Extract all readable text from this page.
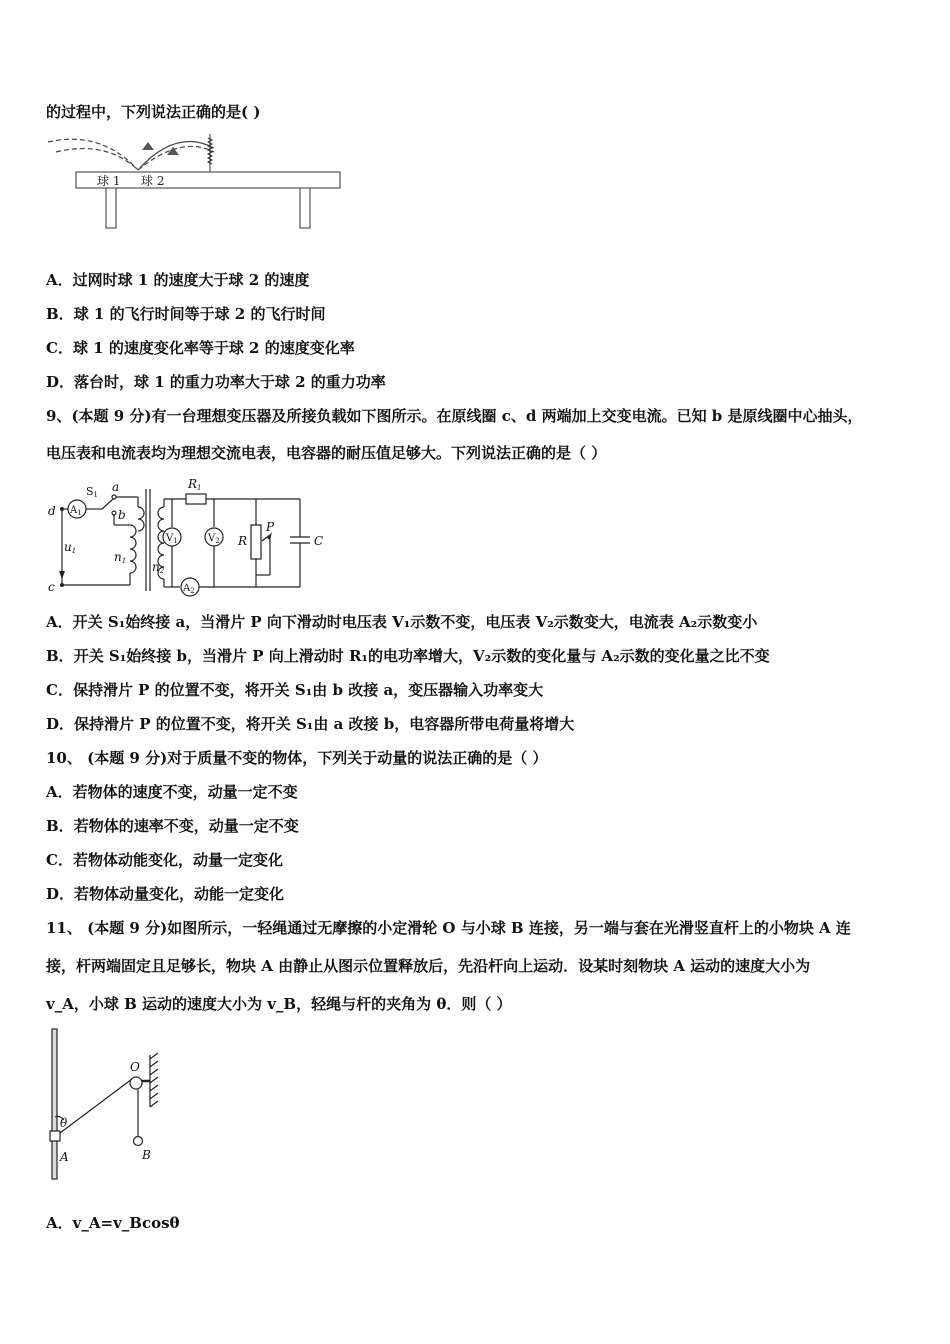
的过程中，下列说法正确的是( )
球 1 球 2
A．过网时球 1 的速度大于球 2 的速度
B．球 1 的飞行时间等于球 2 的飞行时间
C．球 1 的速度变化率等于球 2 的速度变化率
D．落台时，球 1 的重力功率大于球 2 的重力功率
9、(本题 9 分)有一台理想变压器及所接负载如下图所示。在原线圈 c、d 两端加上交变电流。已知 b 是原线圈中心抽头，
电压表和电流表均为理想交流电表，电容器的耐压值足够大。下列说法正确的是（ ）
d
c
$A_1$
S1
a
b
u1	n1 n2
R1
$V_1$	$V_2$ R
P
C
$A_2$
A．开关 S₁始终接 a，当滑片 P 向下滑动时电压表 V₁示数不变，电压表 V₂示数变大，电流表 A₂示数变小
B．开关 S₁始终接 b，当滑片 P 向上滑动时 R₁的电功率增大，V₂示数的变化量与 A₂示数的变化量之比不变
C．保持滑片 P 的位置不变，将开关 S₁由 b 改接 a，变压器输入功率变大
D．保持滑片 P 的位置不变，将开关 S₁由 a 改接 b，电容器所带电荷量将增大
10、 (本题 9 分)对于质量不变的物体，下列关于动量的说法正确的是（ ）
A．若物体的速度不变，动量一定不变
B．若物体的速率不变，动量一定不变
C．若物体动能变化，动量一定变化
D．若物体动量变化，动能一定变化
11、 (本题 9 分)如图所示，一轻绳通过无摩擦的小定滑轮 O 与小球 B 连接，另一端与套在光滑竖直杆上的小物块 A 连
接，杆两端固定且足够长，物块 A 由静止从图示位置释放后，先沿杆向上运动．设某时刻物块 A 运动的速度大小为
v_A，小球 B 运动的速度大小为 v_B，轻绳与杆的夹角为 θ．则（ ）
O
θ
A	B
A．v_A=v_Bcosθ
